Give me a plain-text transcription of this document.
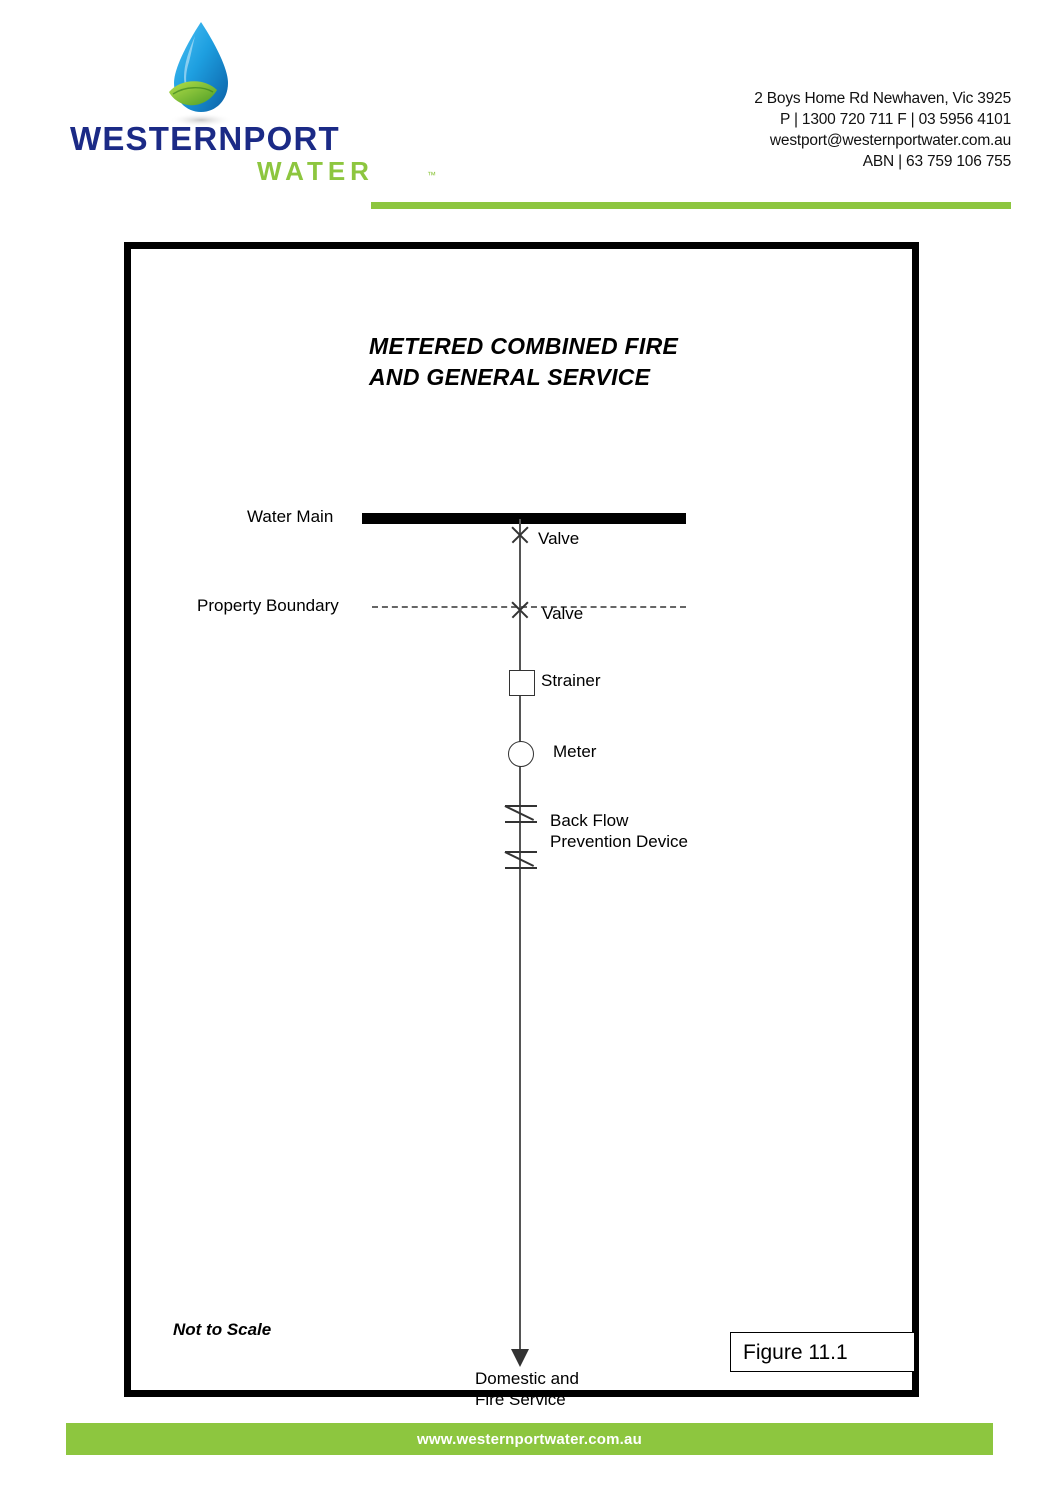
WESTERNPORT
WATER	™
2 Boys Home Rd Newhaven, Vic 3925
P | 1300 720 711 F | 03 5956 4101
westport@westernportwater.com.au
ABN | 63 759 106 755
METERED COMBINED FIRE
AND GENERAL SERVICE
Water Main
Valve
Property Boundary	Valve
Strainer
Meter
Back Flow
Prevention Device
Domestic and
Fire Service
Not to Scale
Figure 11.1
www.westernportwater.com.au
